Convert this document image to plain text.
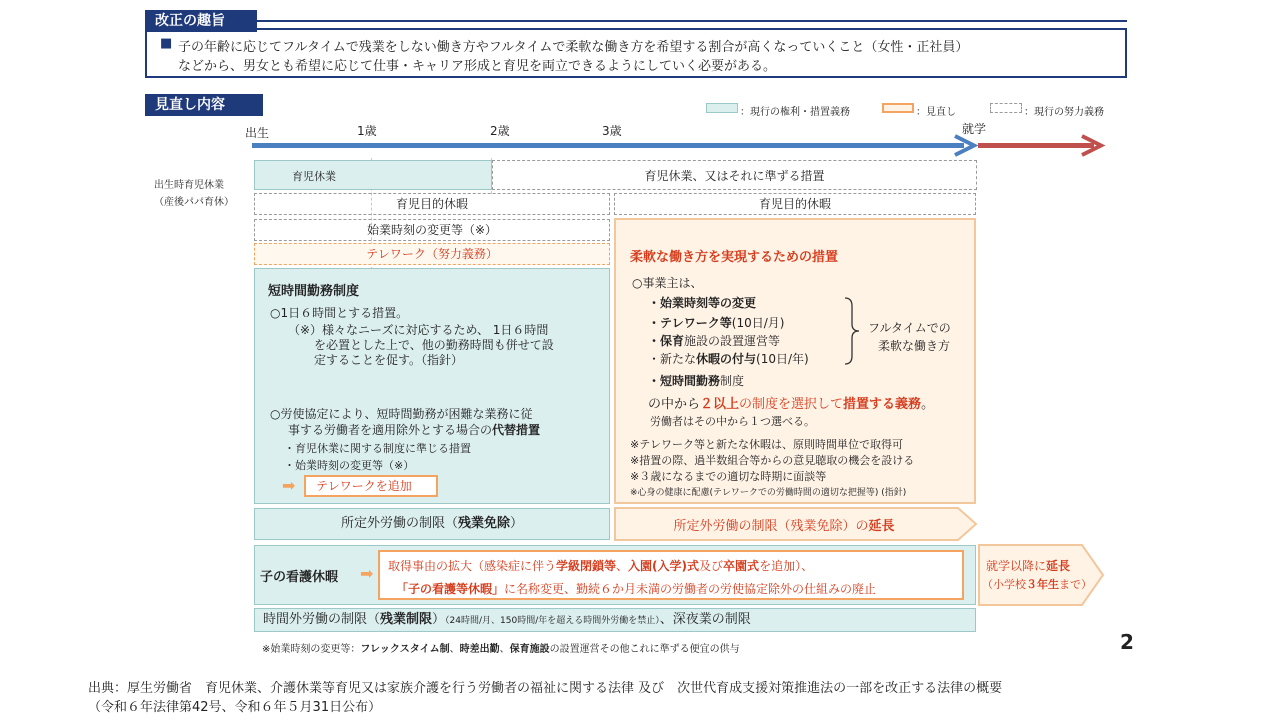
改正の趣旨
■ 子の年齢に応じてフルタイムで残業をしない働き方やフルタイムで柔軟な働き方を希望する割合が高くなっていくこと（女性・正社員）
などから、男女とも希望に応じて仕事・キャリア形成と育児を両立できるようにしていく必要がある。
見直し内容	：現行の権利・措置義務	：見直し	：現行の努力義務
出生	1歳	2歳	3歳	就学
出生時育児休業
（産後パパ育休）
育児休業	育児休業、又はそれに準ずる措置
育児目的休暇	育児目的休暇
始業時刻の変更等（※）
テレワーク（努力義務）
短時間勤務制度
○1日６時間とする措置。
（※）様々なニーズに対応するため、 1日６時間
を必置とした上で、他の勤務時間も併せて設
定することを促す。（指針）
○労使協定により、短時間勤務が困難な業務に従
事する労働者を適用除外とする場合の代替措置
・育児休業に関する制度に準じる措置
・始業時刻の変更等（※）
➡	テレワークを追加
柔軟な働き方を実現するための措置
○事業主は、
・始業時刻等の変更
・テレワーク等(10日/月)
・保育施設の設置運営等
・新たな休暇の付与(10日/年)
・短時間勤務制度
フルタイムでの
柔軟な働き方
の中から２以上の制度を選択して措置する義務。
労働者はその中から１つ選べる。
※テレワーク等と新たな休暇は、原則時間単位で取得可
※措置の際、過半数組合等からの意見聴取の機会を設ける
※３歳になるまでの適切な時期に面談等
※心身の健康に配慮(テレワークでの労働時間の適切な把握等) (指針)
所定外労働の制限（残業免除）	所定外労働の制限（残業免除）の延長
子の看護休暇 ➡ 取得事由の拡大（感染症に伴う学級閉鎖等、入園(入学)式及び卒園式を追加）、
「子の看護等休暇」に名称変更、勤続６か月未満の労働者の労使協定除外の仕組みの廃止
就学以降に延長
（小学校３年生まで）
時間外労働の制限（残業制限）（24時間/月、150時間/年を超える時間外労働を禁止）、深夜業の制限
※始業時刻の変更等：フレックスタイム制、時差出勤、保育施設の設置運営その他これに準ずる便宜の供与	2
出典：厚生労働省　育児休業、介護休業等育児又は家族介護を行う労働者の福祉に関する法律 及び　次世代育成支援対策推進法の一部を改正する法律の概要
（令和６年法律第42号、令和６年５月31日公布）
